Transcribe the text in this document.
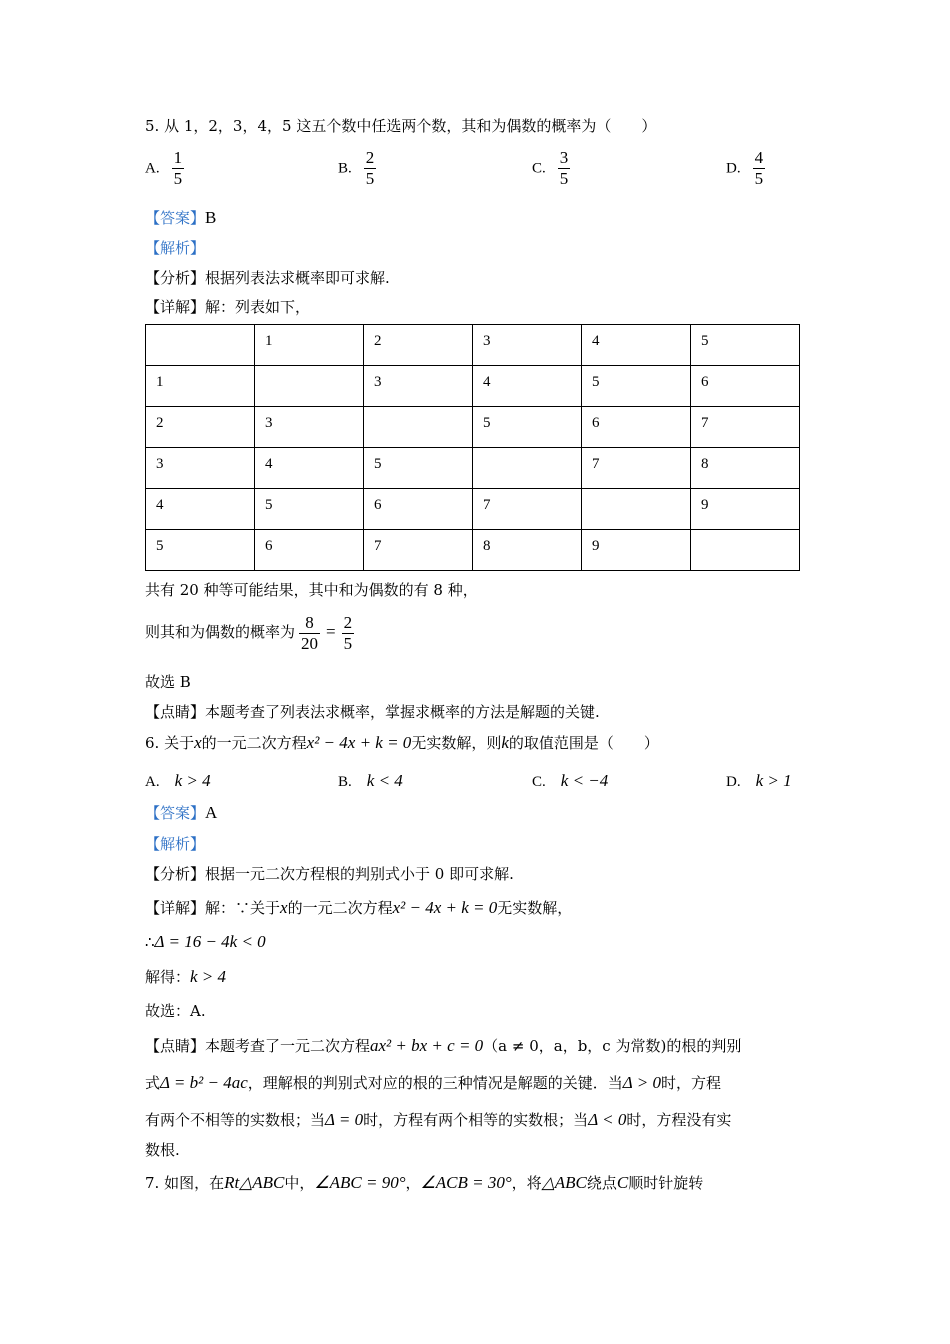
5. 从 1，2，3，4，5 这五个数中任选两个数，其和为偶数的概率为（　　）
A. $\frac{1}{5}$	B. $\frac{2}{5}$	C. $\frac{3}{5}$	D. $\frac{4}{5}$
【答案】B
【解析】
【分析】根据列表法求概率即可求解.
【详解】解：列表如下，
	1	2	3	4	5
1		3	4	5	6
2	3		5	6	7
3	4	5		7	8
4	5	6	7		9
5	6	7	8	9	
共有 20 种等可能结果，其中和为偶数的有 8 种，
则其和为偶数的概率为 $\frac{8}{20} = \frac{2}{5}$
故选 B
【点睛】本题考查了列表法求概率，掌握求概率的方法是解题的关键.
6. 关于x的一元二次方程x² − 4x + k = 0无实数解，则k的取值范围是（　　）
A.　 k > 4	B.　 k < 4	C.　 k < −4	D.　 k > 1
【答案】A
【解析】
【分析】根据一元二次方程根的判别式小于 0 即可求解.
【详解】解：∵关于x的一元二次方程x² − 4x + k = 0无实数解，
∴Δ = 16 − 4k < 0
解得：k > 4
故选：A.
【点睛】本题考查了一元二次方程ax² + bx + c = 0（a ≠ 0，a，b，c 为常数)的根的判别
式Δ = b² − 4ac，理解根的判别式对应的根的三种情况是解题的关键．当Δ > 0时，方程
有两个不相等的实数根；当Δ = 0时，方程有两个相等的实数根；当Δ < 0时，方程没有实
数根.
7. 如图，在Rt△ABC中，∠ABC = 90°，∠ACB = 30°，将△ABC绕点C顺时针旋转
